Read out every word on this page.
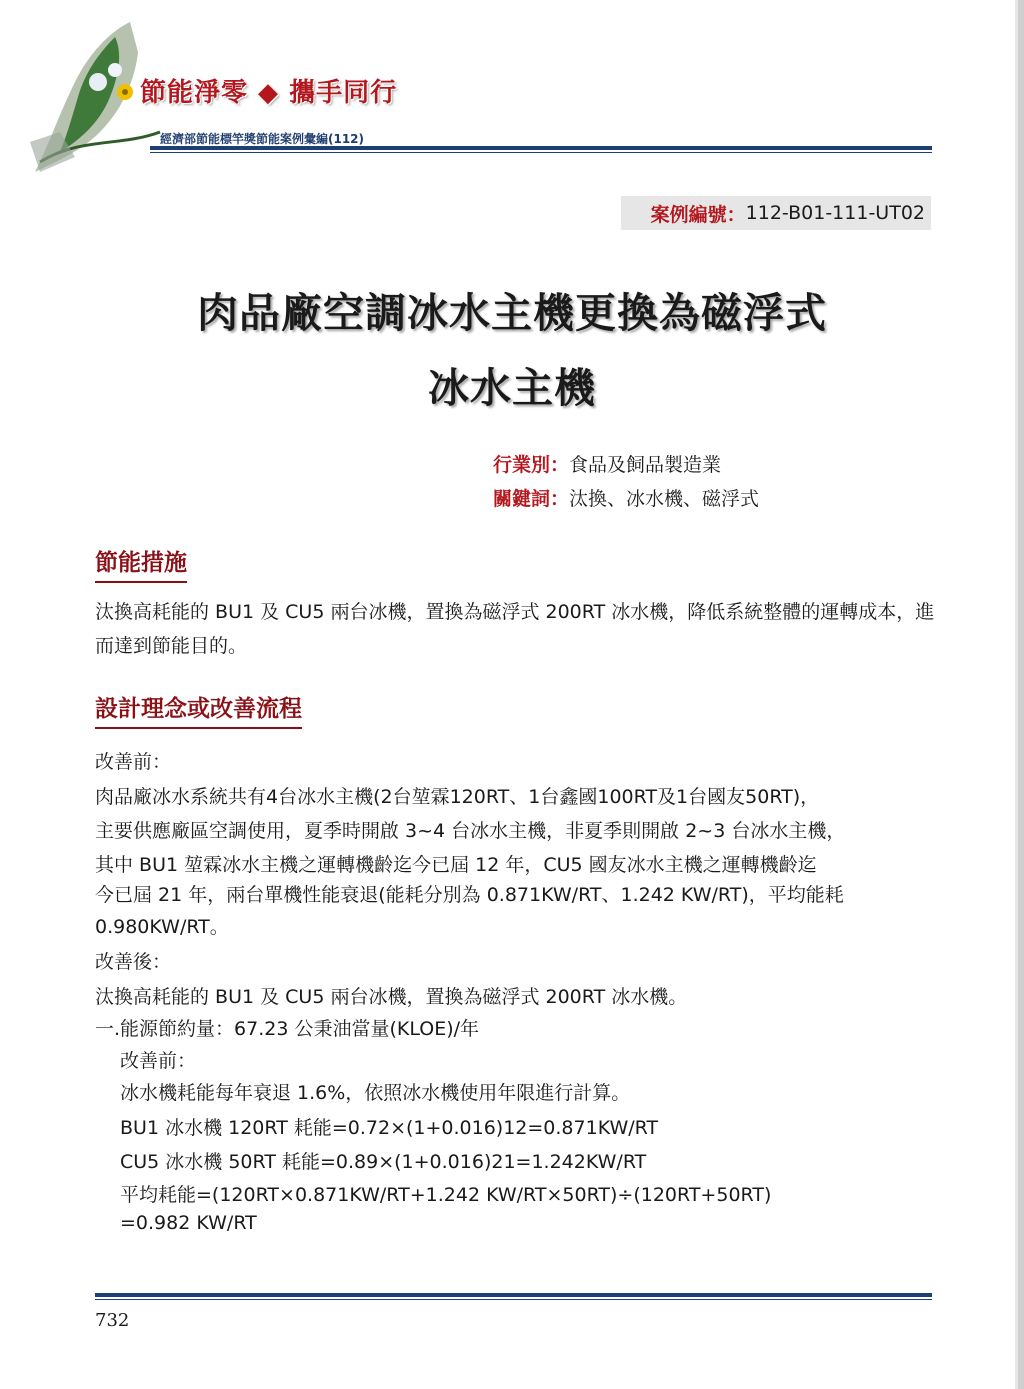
節能淨零 ◆ 攜手同行
經濟部節能標竿獎節能案例彙編(112)
案例編號： 112-B01-111-UT02
肉品廠空調冰水主機更換為磁浮式
冰水主機
行業別：食品及飼品製造業
關鍵詞：汰換、冰水機、磁浮式
節能措施
汰換高耗能的 BU1 及 CU5 兩台冰機，置換為磁浮式 200RT 冰水機，降低系統整體的運轉成本，進而達到節能目的。
設計理念或改善流程
改善前：
肉品廠冰水系統共有4台冰水主機(2台堃霖120RT、1台鑫國100RT及1台國友50RT)，
主要供應廠區空調使用，夏季時開啟 3~4 台冰水主機，非夏季則開啟 2~3 台冰水主機，
其中 BU1 堃霖冰水主機之運轉機齡迄今已屆 12 年，CU5 國友冰水主機之運轉機齡迄
今已屆 21 年，兩台單機性能衰退(能耗分別為 0.871KW/RT、1.242 KW/RT)，平均能耗
0.980KW/RT。
改善後：
汰換高耗能的 BU1 及 CU5 兩台冰機，置換為磁浮式 200RT 冰水機。
一.能源節約量：67.23 公秉油當量(KLOE)/年
改善前：
冰水機耗能每年衰退 1.6%，依照冰水機使用年限進行計算。
BU1 冰水機 120RT 耗能=0.72×(1+0.016)12=0.871KW/RT
CU5 冰水機 50RT 耗能=0.89×(1+0.016)21=1.242KW/RT
平均耗能=(120RT×0.871KW/RT+1.242 KW/RT×50RT)÷(120RT+50RT)
=0.982 KW/RT
732
